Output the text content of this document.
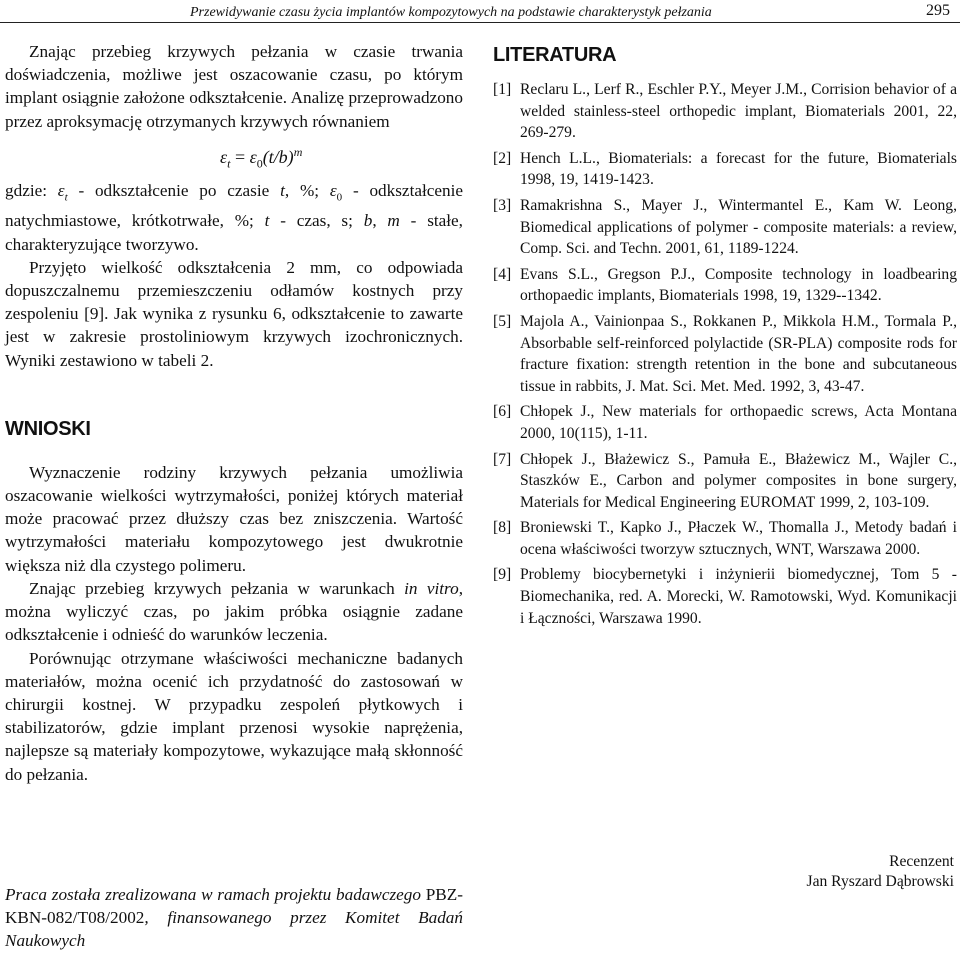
Przewidywanie czasu życia implantów kompozytowych na podstawie charakterystyk pełzania	295

Znając przebieg krzywych pełzania w czasie trwania doświadczenia, możliwe jest oszacowanie czasu, po którym implant osiągnie założone odkształcenie. Analizę przeprowadzono przez aproksymację otrzymanych krzywych równaniem

$\varepsilon_t = \varepsilon_0(t/b)^m$

gdzie: $\varepsilon_t$ - odkształcenie po czasie t, %; $\varepsilon_0$ - odkształcenie natychmiastowe, krótkotrwałe, %; t - czas, s; b, m - stałe, charakteryzujące tworzywo.

Przyjęto wielkość odkształcenia 2 mm, co odpowiada dopuszczalnemu przemieszczeniu odłamów kostnych przy zespoleniu [9]. Jak wynika z rysunku 6, odkształcenie to zawarte jest w zakresie prostoliniowym krzywych izochronicznych. Wyniki zestawiono w tabeli 2.

WNIOSKI

Wyznaczenie rodziny krzywych pełzania umożliwia oszacowanie wielkości wytrzymałości, poniżej których materiał może pracować przez dłuższy czas bez zniszczenia. Wartość wytrzymałości materiału kompozytowego jest dwukrotnie większa niż dla czystego polimeru.

Znając przebieg krzywych pełzania w warunkach in vitro, można wyliczyć czas, po jakim próbka osiągnie zadane odkształcenie i odnieść do warunków leczenia.

Porównując otrzymane właściwości mechaniczne badanych materiałów, można ocenić ich przydatność do zastosowań w chirurgii kostnej. W przypadku zespoleń płytkowych i stabilizatorów, gdzie implant przenosi wysokie naprężenia, najlepsze są materiały kompozytowe, wykazujące małą skłonność do pełzania.

Praca została zrealizowana w ramach projektu badawczego PBZ-KBN-082/T08/2002, finansowanego przez Komitet Badań Naukowych
LITERATURA
[1] Reclaru L., Lerf R., Eschler P.Y., Meyer J.M., Corrision behavior of a welded stainless-steel orthopedic implant, Biomaterials 2001, 22, 269-279.
[2] Hench L.L., Biomaterials: a forecast for the future, Biomaterials 1998, 19, 1419-1423.
[3] Ramakrishna S., Mayer J., Wintermantel E., Kam W. Leong, Biomedical applications of polymer - composite materials: a review, Comp. Sci. and Techn. 2001, 61, 1189-1224.
[4] Evans S.L., Gregson P.J., Composite technology in loadbearing orthopaedic implants, Biomaterials 1998, 19, 1329--1342.
[5] Majola A., Vainionpaa S., Rokkanen P., Mikkola H.M., Tormala P., Absorbable self-reinforced polylactide (SR-PLA) composite rods for fracture fixation: strength retention in the bone and subcutaneous tissue in rabbits, J. Mat. Sci. Met. Med. 1992, 3, 43-47.
[6] Chłopek J., New materials for orthopaedic screws, Acta Montana 2000, 10(115), 1-11.
[7] Chłopek J., Błażewicz S., Pamuła E., Błażewicz M., Wajler C., Staszków E., Carbon and polymer composites in bone surgery, Materials for Medical Engineering EUROMAT 1999, 2, 103-109.
[8] Broniewski T., Kapko J., Płaczek W., Thomalla J., Metody badań i ocena właściwości tworzyw sztucznych, WNT, Warszawa 2000.
[9] Problemy biocybernetyki i inżynierii biomedycznej, Tom 5 - Biomechanika, red. A. Morecki, W. Ramotowski, Wyd. Komunikacji i Łączności, Warszawa 1990.
Recenzent
Jan Ryszard Dąbrowski
